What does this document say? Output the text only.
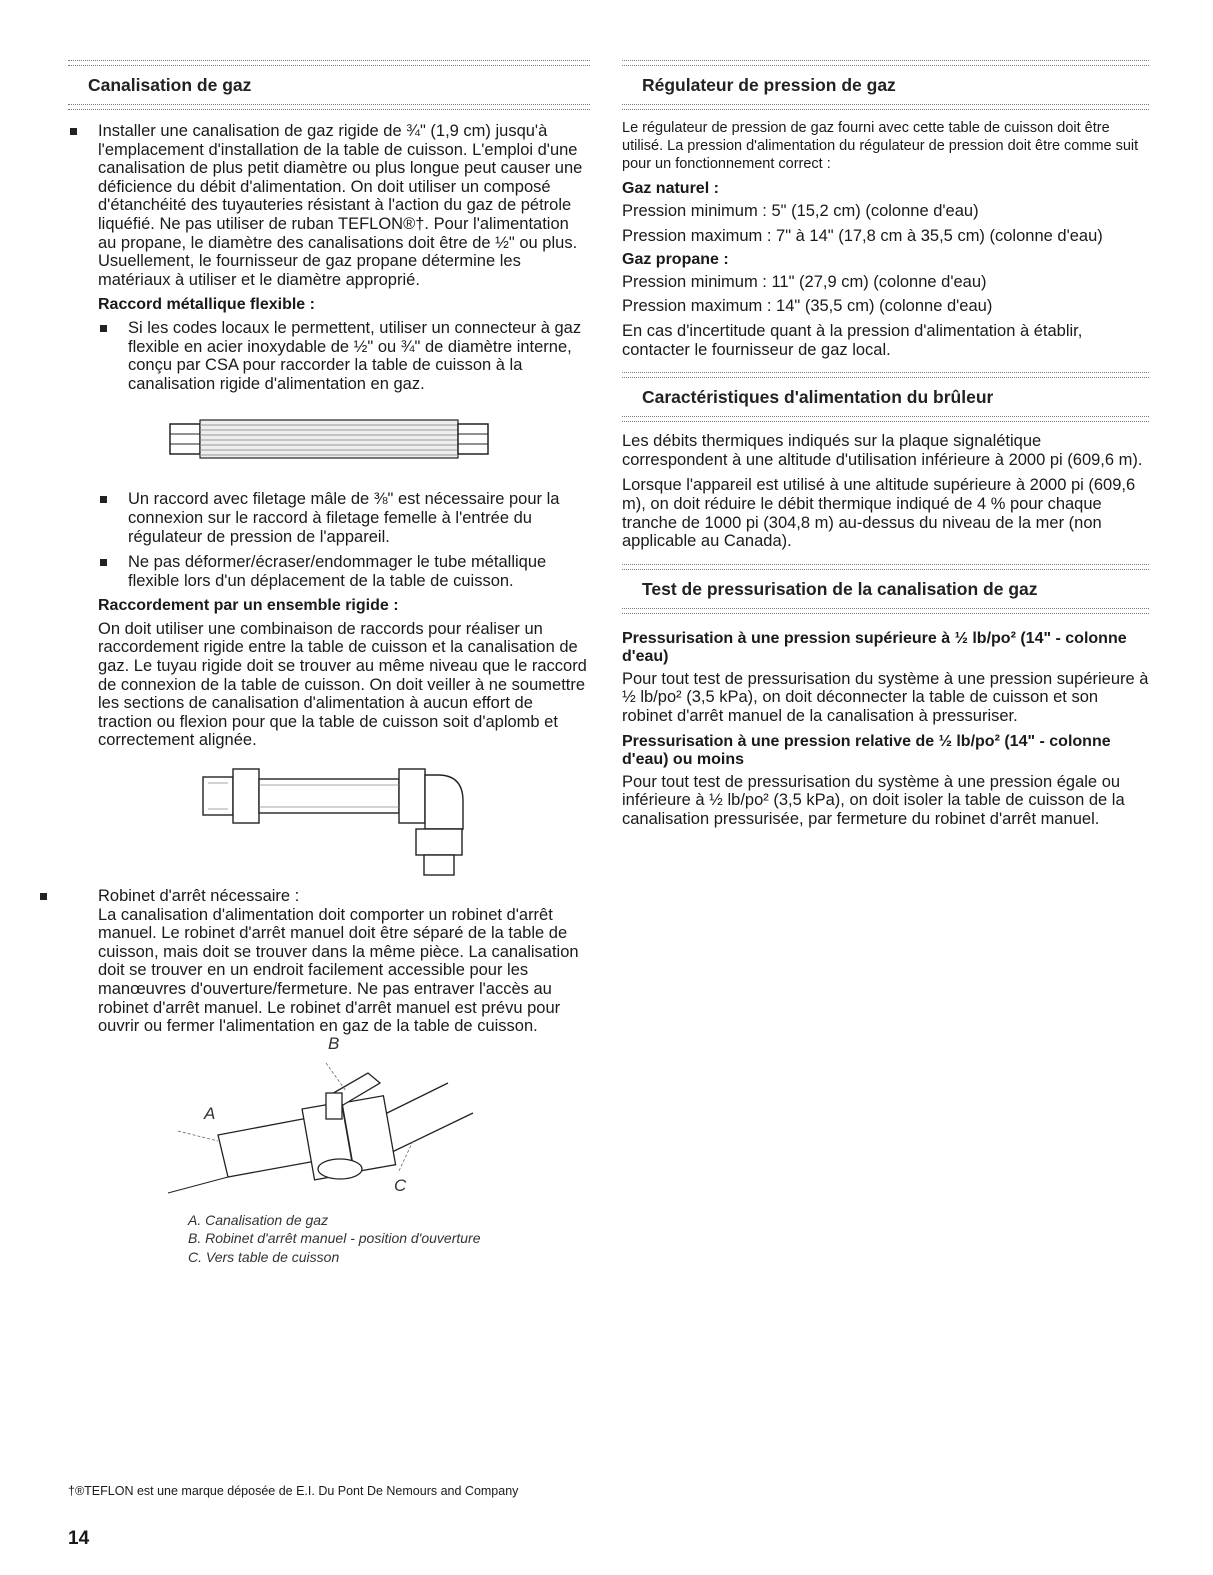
Canalisation de gaz
Installer une canalisation de gaz rigide de ¾" (1,9 cm) jusqu'à l'emplacement d'installation de la table de cuisson. L'emploi d'une canalisation de plus petit diamètre ou plus longue peut causer une déficience du débit d'alimentation. On doit utiliser un composé d'étanchéité des tuyauteries résistant à l'action du gaz de pétrole liquéfié. Ne pas utiliser de ruban TEFLON®†. Pour l'alimentation au propane, le diamètre des canalisations doit être de ½" ou plus. Usuellement, le fournisseur de gaz propane détermine les matériaux à utiliser et le diamètre approprié.
Raccord métallique flexible :
Si les codes locaux le permettent, utiliser un connecteur à gaz flexible en acier inoxydable de ½" ou ¾" de diamètre interne, conçu par CSA pour raccorder la table de cuisson à la canalisation rigide d'alimentation en gaz.
Un raccord avec filetage mâle de ⅜" est nécessaire pour la connexion sur le raccord à filetage femelle à l'entrée du régulateur de pression de l'appareil.
Ne pas déformer/écraser/endommager le tube métallique flexible lors d'un déplacement de la table de cuisson.
Raccordement par un ensemble rigide :
On doit utiliser une combinaison de raccords pour réaliser un raccordement rigide entre la table de cuisson et la canalisation de gaz. Le tuyau rigide doit se trouver au même niveau que le raccord de connexion de la table de cuisson. On doit veiller à ne soumettre les sections de canalisation d'alimentation à aucun effort de traction ou flexion pour que la table de cuisson soit d'aplomb et correctement alignée.
Robinet d'arrêt nécessaire :
La canalisation d'alimentation doit comporter un robinet d'arrêt manuel. Le robinet d'arrêt manuel doit être séparé de la table de cuisson, mais doit se trouver dans la même pièce. La canalisation doit se trouver en un endroit facilement accessible pour les manœuvres d'ouverture/fermeture. Ne pas entraver l'accès au robinet d'arrêt manuel. Le robinet d'arrêt manuel est prévu pour ouvrir ou fermer l'alimentation en gaz de la table de cuisson.
B
A
C
A. Canalisation de gaz
B. Robinet d'arrêt manuel - position d'ouverture
C. Vers table de cuisson
Régulateur de pression de gaz
Le régulateur de pression de gaz fourni avec cette table de cuisson doit être utilisé. La pression d'alimentation du régulateur de pression doit être comme suit pour un fonctionnement correct :
Gaz naturel :
Pression minimum : 5" (15,2 cm) (colonne d'eau)
Pression maximum : 7" à 14" (17,8 cm à 35,5 cm) (colonne d'eau)
Gaz propane :
Pression minimum : 11" (27,9 cm) (colonne d'eau)
Pression maximum : 14" (35,5 cm) (colonne d'eau)
En cas d'incertitude quant à la pression d'alimentation à établir, contacter le fournisseur de gaz local.
Caractéristiques d'alimentation du brûleur
Les débits thermiques indiqués sur la plaque signalétique correspondent à une altitude d'utilisation inférieure à 2000 pi (609,6 m).
Lorsque l'appareil est utilisé à une altitude supérieure à 2000 pi (609,6 m), on doit réduire le débit thermique indiqué de 4 % pour chaque tranche de 1000 pi (304,8 m) au-dessus du niveau de la mer (non applicable au Canada).
Test de pressurisation de la canalisation de gaz
Pressurisation à une pression supérieure à ½ lb/po² (14" - colonne d'eau)
Pour tout test de pressurisation du système à une pression supérieure à ½ lb/po² (3,5 kPa), on doit déconnecter la table de cuisson et son robinet d'arrêt manuel de la canalisation à pressuriser.
Pressurisation à une pression relative de ½ lb/po² (14" - colonne d'eau) ou moins
Pour tout test de pressurisation du système à une pression égale ou inférieure à ½ lb/po² (3,5 kPa), on doit isoler la table de cuisson de la canalisation pressurisée, par fermeture du robinet d'arrêt manuel.
†®TEFLON est une marque déposée de E.I. Du Pont De Nemours and Company
14
